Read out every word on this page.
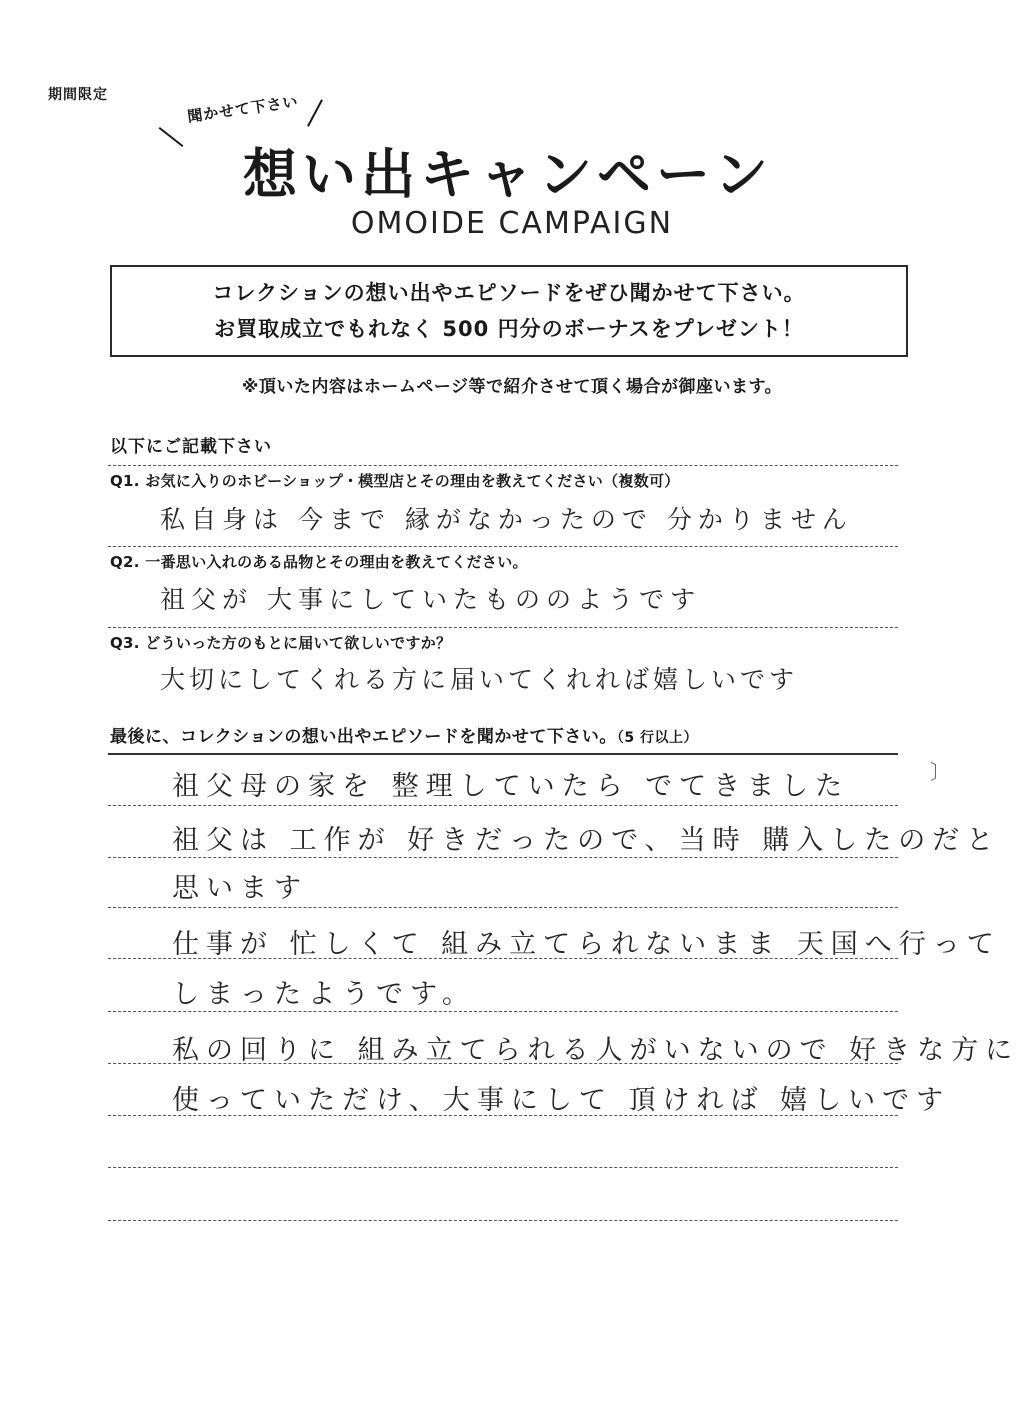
期間限定	聞かせて下さい
想い出キャンペーン
OMOIDE CAMPAIGN
コレクションの想い出やエピソードをぜひ聞かせて下さい。
お買取成立でもれなく 500 円分のボーナスをプレゼント！
※頂いた内容はホームページ等で紹介させて頂く場合が御座います。
以下にご記載下さい
Q1. お気に入りのホビーショップ・模型店とその理由を教えてください（複数可）
私自身は 今まで 縁がなかったので 分かりません
Q2. 一番思い入れのある品物とその理由を教えてください。
祖父が 大事にしていたもののようです
Q3. どういった方のもとに届いて欲しいですか？
大切にしてくれる方に届いてくれれば嬉しいです
最後に、コレクションの想い出やエピソードを聞かせて下さい。（5 行以上）
〕
祖父母の家を 整理していたら でてきました
祖父は 工作が 好きだったので、当時 購入したのだと
思います
仕事が 忙しくて 組み立てられないまま 天国へ行って
しまったようです。
私の回りに 組み立てられる人がいないので 好きな方に
使っていただけ、大事にして 頂ければ 嬉しいです
